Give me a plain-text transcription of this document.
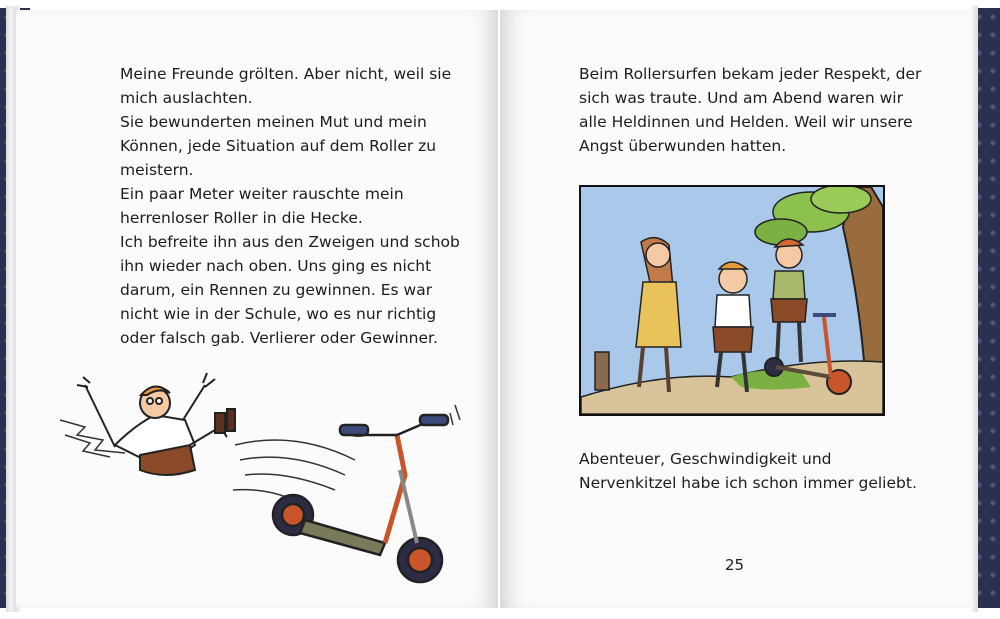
Meine Freunde grölten. Aber nicht, weil sie
mich auslachten.
Sie bewunderten meinen Mut und mein
Können, jede Situation auf dem Roller zu
meistern.
Ein paar Meter weiter rauschte mein
herrenloser Roller in die Hecke.
Ich befreite ihn aus den Zweigen und schob
ihn wieder nach oben. Uns ging es nicht
darum, ein Rennen zu gewinnen. Es war
nicht wie in der Schule, wo es nur richtig
oder falsch gab. Verlierer oder Gewinner.
Beim Rollersurfen bekam jeder Respekt, der
sich was traute. Und am Abend waren wir
alle Heldinnen und Helden. Weil wir unsere
Angst überwunden hatten.
Abenteuer, Geschwindigkeit und
Nervenkitzel habe ich schon immer geliebt.
25
